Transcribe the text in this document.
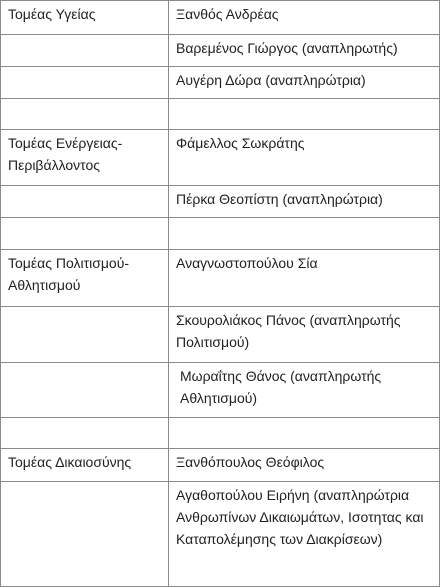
Τομέας Υγείας	Ξανθός Ανδρέας

	Βαρεμένος Γιώργος (αναπληρωτής)

	Αυγέρη Δώρα (αναπληρώτρια)

Τομέας Ενέργειας-Περιβάλλοντος	Φάμελλος Σωκράτης

	Πέρκα Θεοπίστη (αναπληρώτρια)

Τομέας Πολιτισμού-Αθλητισμού	Αναγνωστοπούλου Σία

	Σκουρολιάκος Πάνος (αναπληρωτής Πολιτισμού)

	Μωραΐτης Θάνος (αναπληρωτής Αθλητισμού)

Τομέας Δικαιοσύνης	Ξανθόπουλος Θεόφιλος

	Αγαθοπούλου Ειρήνη (αναπληρώτρια Ανθρωπίνων Δικαιωμάτων, Ισοτητας και Καταπολέμησης των Διακρίσεων)
